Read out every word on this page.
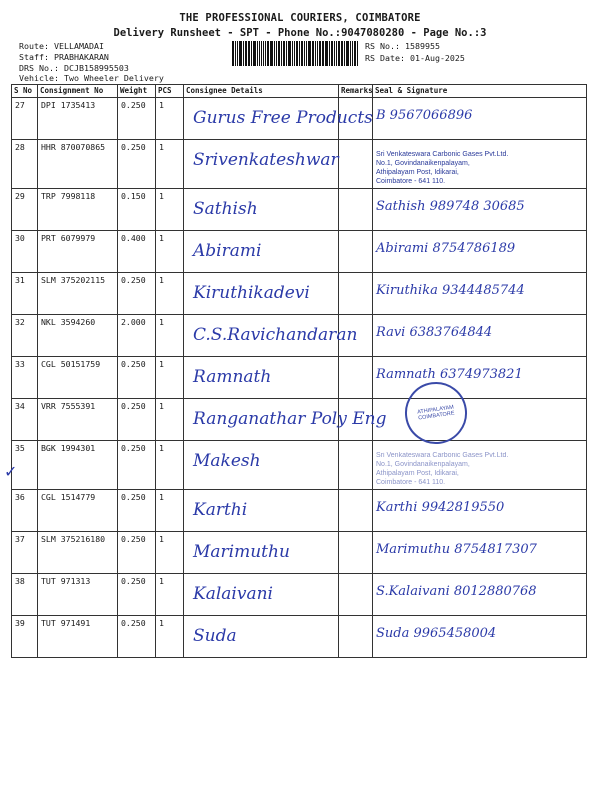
THE PROFESSIONAL COURIERS, COIMBATORE
Delivery Runsheet - SPT - Phone No.:9047080280 - Page No.:3
Route: VELLAMADAI
Staff: PRABHAKARAN
DRS No.: DCJB158995503
Vehicle: Two Wheeler Delivery
RS No.: 1589955
RS Date: 01-Aug-2025
S No	Consignment No	Weight	PCS	Consignee Details	Remarks	Seal & Signature
27	DPI 1735413	0.250	1	Gurus Free Products		B 9567066896

28	HHR 870070865	0.250	1	Srivenkateshwar		Sri Venkateswara Carbonic Gases Pvt.Ltd.
No.1, Govindanaikenpalayam,
Athipalayam Post, Idikarai,
Coimbatore - 641 110.

29	TRP 7998118	0.150	1	Sathish		Sathish 989748 30685

30	PRT 6079979	0.400	1	Abirami		Abirami 8754786189

31	SLM 375202115	0.250	1	Kiruthikadevi		Kiruthika 9344485744

32	NKL 3594260	2.000	1	C.S.Ravichandaran		Ravi 6383764844

33	CGL 50151759	0.250	1	Ramnath		Ramnath 6374973821

34	VRR 7555391	0.250	1	Ranganathar Poly Eng		

35	BGK 1994301	0.250	1	Makesh		Sri Venkateswara Carbonic Gases Pvt.Ltd.
No.1, Govindanaikenpalayam,
Athipalayam Post, Idikarai,
Coimbatore - 641 110.

36	CGL 1514779	0.250	1	Karthi		Karthi 9942819550

37	SLM 375216180	0.250	1	Marimuthu		Marimuthu 8754817307

38	TUT 971313	0.250	1	Kalaivani		S.Kalaivani 8012880768

39	TUT 971491	0.250	1	Suda		Suda 9965458004
ATHIPALAYAM COIMBATORE
✓
